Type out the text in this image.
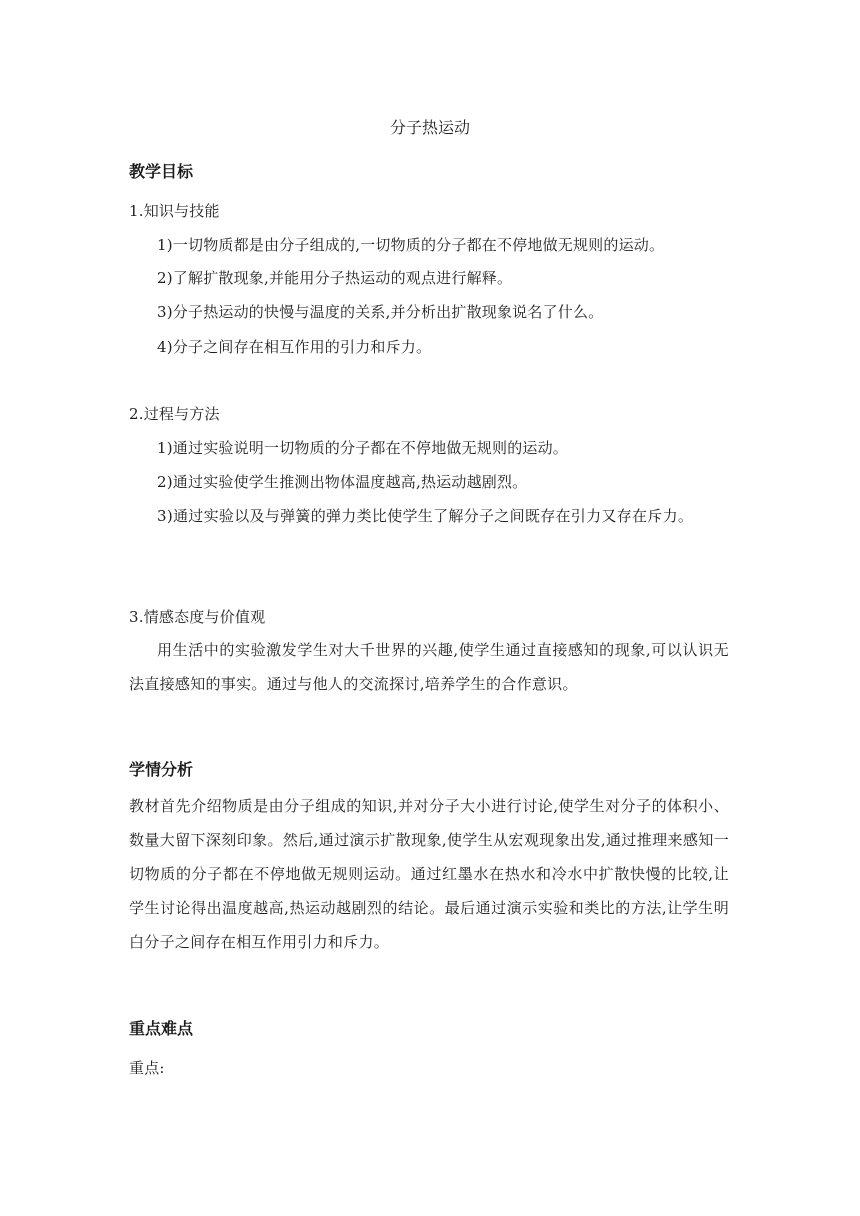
分子热运动
教学目标
1.知识与技能
1)一切物质都是由分子组成的,一切物质的分子都在不停地做无规则的运动。
2)了解扩散现象,并能用分子热运动的观点进行解释。
3)分子热运动的快慢与温度的关系,并分析出扩散现象说名了什么。
4)分子之间存在相互作用的引力和斥力。
2.过程与方法
1)通过实验说明一切物质的分子都在不停地做无规则的运动。
2)通过实验使学生推测出物体温度越高,热运动越剧烈。
3)通过实验以及与弹簧的弹力类比使学生了解分子之间既存在引力又存在斥力。
3.情感态度与价值观
用生活中的实验激发学生对大千世界的兴趣,使学生通过直接感知的现象,可以认识无法直接感知的事实。通过与他人的交流探讨,培养学生的合作意识。
学情分析
教材首先介绍物质是由分子组成的知识,并对分子大小进行讨论,使学生对分子的体积小、数量大留下深刻印象。然后,通过演示扩散现象,使学生从宏观现象出发,通过推理来感知一切物质的分子都在不停地做无规则运动。通过红墨水在热水和冷水中扩散快慢的比较,让学生讨论得出温度越高,热运动越剧烈的结论。最后通过演示实验和类比的方法,让学生明白分子之间存在相互作用引力和斥力。
重点难点
重点:
